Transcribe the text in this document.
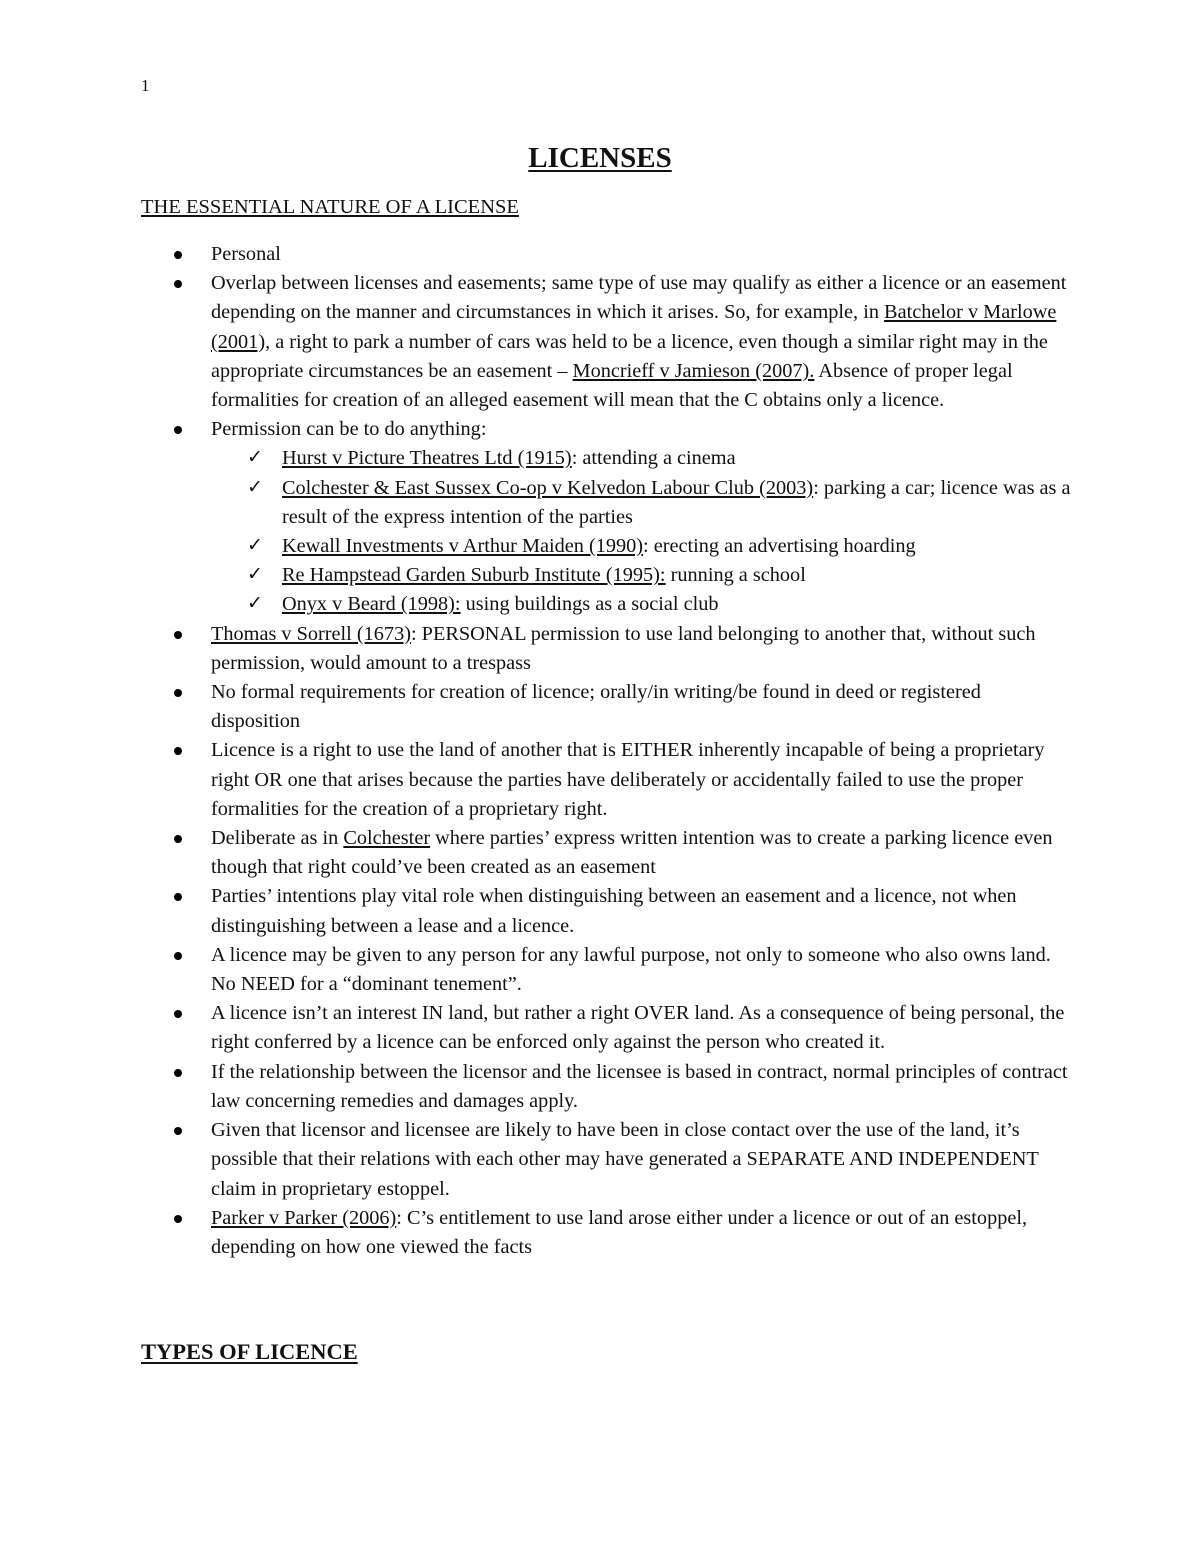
1
LICENSES
THE ESSENTIAL NATURE OF A LICENSE
Personal
Overlap between licenses and easements; same type of use may qualify as either a licence or an easement depending on the manner and circumstances in which it arises. So, for example, in Batchelor v Marlowe (2001), a right to park a number of cars was held to be a licence, even though a similar right may in the appropriate circumstances be an easement – Moncrieff v Jamieson (2007). Absence of proper legal formalities for creation of an alleged easement will mean that the C obtains only a licence.
Permission can be to do anything:
✓ Hurst v Picture Theatres Ltd (1915): attending a cinema
✓ Colchester & East Sussex Co-op v Kelvedon Labour Club (2003): parking a car; licence was as a result of the express intention of the parties
✓ Kewall Investments v Arthur Maiden (1990): erecting an advertising hoarding
✓ Re Hampstead Garden Suburb Institute (1995): running a school
✓ Onyx v Beard (1998): using buildings as a social club
Thomas v Sorrell (1673): PERSONAL permission to use land belonging to another that, without such permission, would amount to a trespass
No formal requirements for creation of licence; orally/in writing/be found in deed or registered disposition
Licence is a right to use the land of another that is EITHER inherently incapable of being a proprietary right OR one that arises because the parties have deliberately or accidentally failed to use the proper formalities for the creation of a proprietary right.
Deliberate as in Colchester where parties’ express written intention was to create a parking licence even though that right could’ve been created as an easement
Parties’ intentions play vital role when distinguishing between an easement and a licence, not when distinguishing between a lease and a licence.
A licence may be given to any person for any lawful purpose, not only to someone who also owns land. No NEED for a “dominant tenement”.
A licence isn’t an interest IN land, but rather a right OVER land. As a consequence of being personal, the right conferred by a licence can be enforced only against the person who created it.
If the relationship between the licensor and the licensee is based in contract, normal principles of contract law concerning remedies and damages apply.
Given that licensor and licensee are likely to have been in close contact over the use of the land, it’s possible that their relations with each other may have generated a SEPARATE AND INDEPENDENT claim in proprietary estoppel.
Parker v Parker (2006): C’s entitlement to use land arose either under a licence or out of an estoppel, depending on how one viewed the facts
TYPES OF LICENCE
